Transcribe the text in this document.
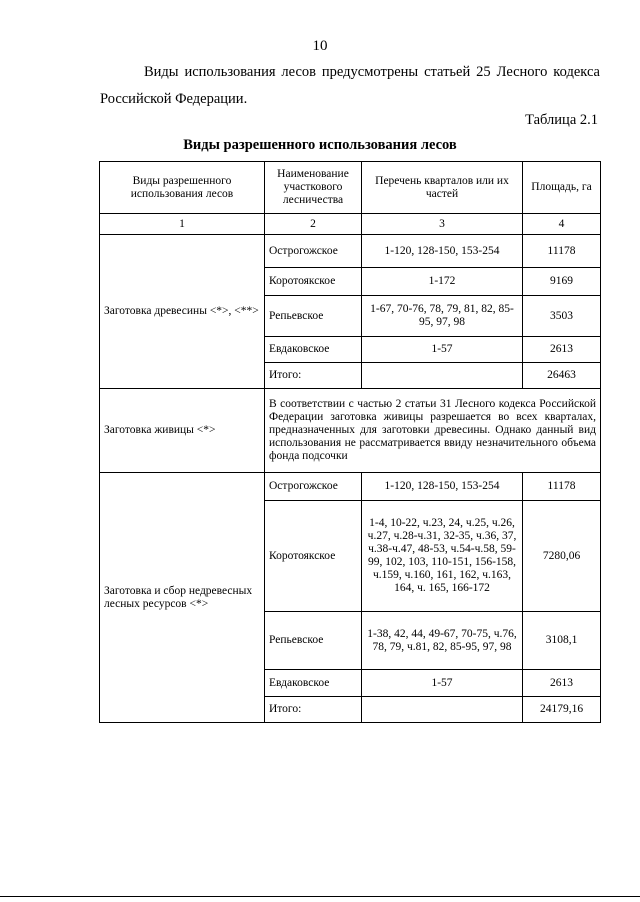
10

Виды использования лесов предусмотрены статьей 25 Лесного кодекса Российской Федерации.

Таблица 2.1
Виды разрешенного использования лесов
Виды разрешенного использования лесов	Наименование участкового лесничества	Перечень кварталов или их частей	Площадь, га
1	2	3	4
Заготовка древесины <*>, <**>	Острогожское	1-120, 128-150, 153-254	11178
	Коротоякское	1-172	9169
	Репьевское	1-67, 70-76, 78, 79, 81, 82, 85-95, 97, 98	3503
	Евдаковское	1-57	2613
	Итого:		26463
Заготовка живицы <*>	В соответствии с частью 2 статьи 31 Лесного кодекса Российской Федерации заготовка живицы разрешается во всех кварталах, предназначенных для заготовки древесины. Однако данный вид использования не рассматривается ввиду незначительного объема фонда подсочки		
Заготовка и сбор недревесных лесных ресурсов <*>	Острогожское	1-120, 128-150, 153-254	11178
	Коротоякское	1-4, 10-22, ч.23, 24, ч.25, ч.26, ч.27, ч.28-ч.31, 32-35, ч.36, 37, ч.38-ч.47, 48-53, ч.54-ч.58, 59-99, 102, 103, 110-151, 156-158, ч.159, ч.160, 161, 162, ч.163, 164, ч. 165, 166-172	7280,06
	Репьевское	1-38, 42, 44, 49-67, 70-75, ч.76, 78, 79, ч.81, 82, 85-95, 97, 98	3108,1
	Евдаковское	1-57	2613
	Итого:		24179,16
